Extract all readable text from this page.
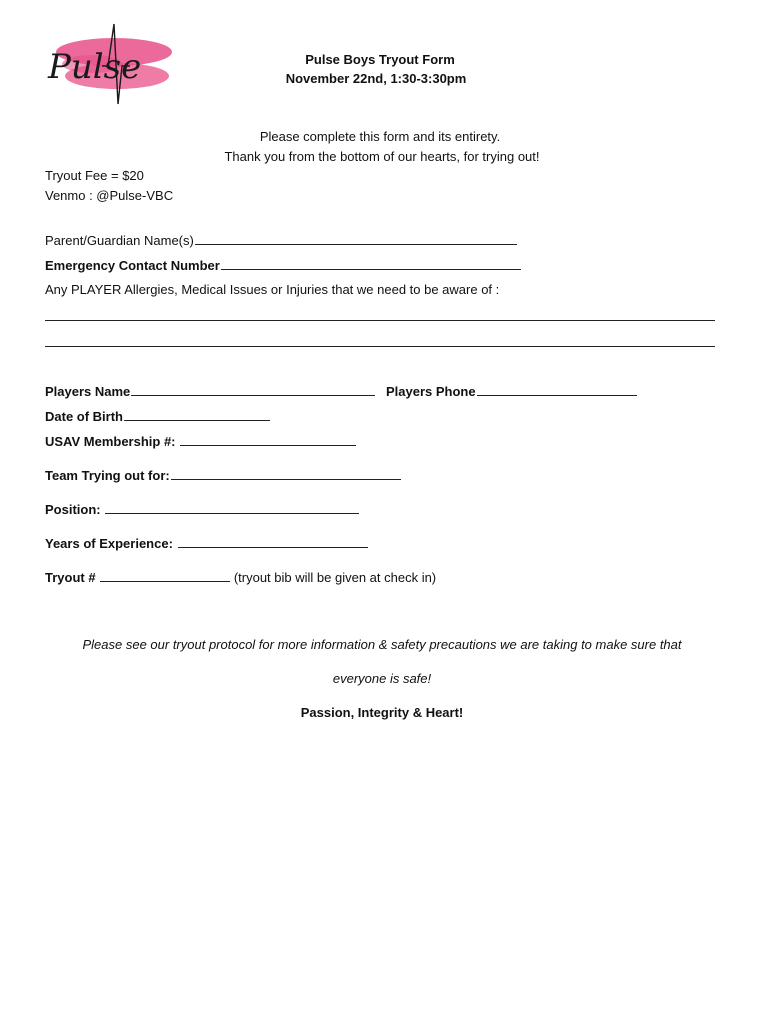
Pulse	Pulse Boys Tryout Form
November 22nd, 1:30-3:30pm
Please complete this form and its entirety.
Thank you from the bottom of our hearts, for trying out!
Tryout Fee = $20
Venmo : @Pulse-VBC
Parent/Guardian Name(s)
Emergency Contact Number
Any PLAYER Allergies, Medical Issues or Injuries that we need to be aware of :
Players Name	Players Phone
Date of Birth
USAV Membership #:
Team Trying out for:
Position:
Years of Experience:
Tryout #	(tryout bib will be given at check in)
Please see our tryout protocol for more information & safety precautions we are taking to make sure that
everyone is safe!
Passion, Integrity & Heart!
